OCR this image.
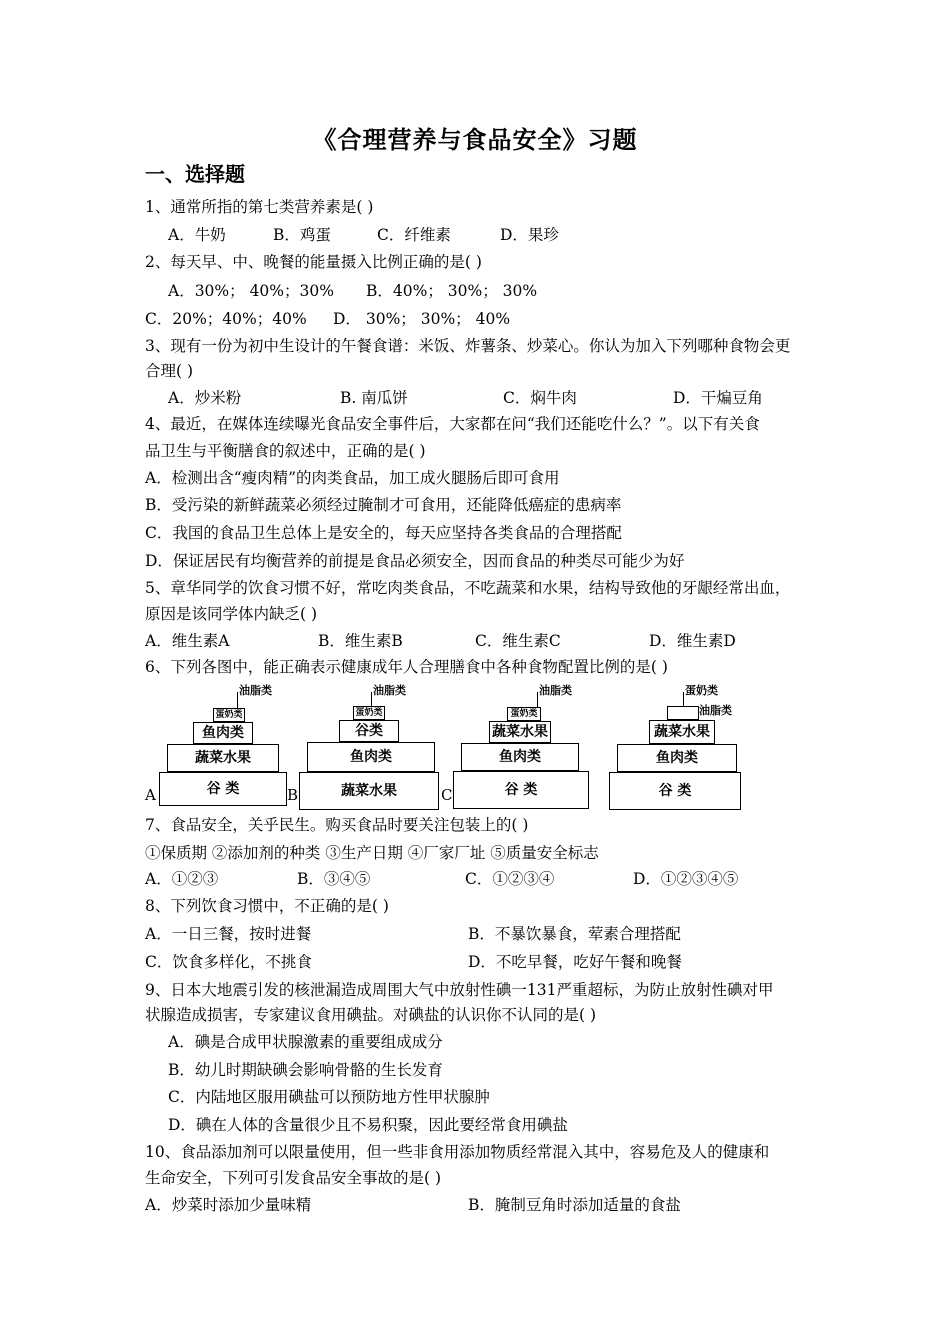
《合理营养与食品安全》习题
一、选择题
1、通常所指的第七类营养素是( )
A．牛奶	B．鸡蛋	C．纤维素	D．果珍
2、每天早、中、晚餐的能量摄入比例正确的是( )
A．30%； 40%；30% B．40%； 30%； 30%
C．20%；40%；40% D． 30%； 30%； 40%
3、现有一份为初中生设计的午餐食谱：米饭、炸薯条、炒菜心。你认为加入下列哪种食物会更
合理( )
A．炒米粉	B. 南瓜饼	C．焖牛肉	D．干煸豆角
4、最近，在媒体连续曝光食品安全事件后，大家都在问“我们还能吃什么？”。以下有关食
品卫生与平衡膳食的叙述中，正确的是( )
A．检测出含“瘦肉精”的肉类食品，加工成火腿肠后即可食用
B．受污染的新鲜蔬菜必须经过腌制才可食用，还能降低癌症的患病率
C．我国的食品卫生总体上是安全的，每天应坚持各类食品的合理搭配
D．保证居民有均衡营养的前提是食品必须安全，因而食品的种类尽可能少为好
5、章华同学的饮食习惯不好，常吃肉类食品，不吃蔬菜和水果，结构导致他的牙龈经常出血，
原因是该同学体内缺乏( )
A．维生素A	B．维生素B	C．维生素C	D．维生素D
6、下列各图中，能正确表示健康成年人合理膳食中各种食物配置比例的是( )
A
油脂类
蛋奶类
鱼肉类
蔬菜水果
谷 类	B
油脂类
蛋奶类
谷类
鱼肉类
蔬菜水果	C
油脂类
蛋奶类
蔬菜水果
鱼肉类
谷 类
蛋奶类
油脂类
蔬菜水果
鱼肉类
谷 类
7、食品安全，关乎民生。购买食品时要关注包装上的( )
①保质期 ②添加剂的种类 ③生产日期 ④厂家厂址 ⑤质量安全标志
A．①②③	B．③④⑤	C．①②③④	D．①②③④⑤
8、下列饮食习惯中，不正确的是( )
A．一日三餐，按时进餐	B．不暴饮暴食，荤素合理搭配
C．饮食多样化，不挑食	D．不吃早餐，吃好午餐和晚餐
9、日本大地震引发的核泄漏造成周围大气中放射性碘一131严重超标，为防止放射性碘对甲
状腺造成损害，专家建议食用碘盐。对碘盐的认识你不认同的是( )
A．碘是合成甲状腺激素的重要组成成分
B．幼儿时期缺碘会影响骨骼的生长发育
C．内陆地区服用碘盐可以预防地方性甲状腺肿
D．碘在人体的含量很少且不易积聚，因此要经常食用碘盐
10、食品添加剂可以限量使用，但一些非食用添加物质经常混入其中，容易危及人的健康和
生命安全，下列可引发食品安全事故的是( )
A．炒菜时添加少量味精	B．腌制豆角时添加适量的食盐
